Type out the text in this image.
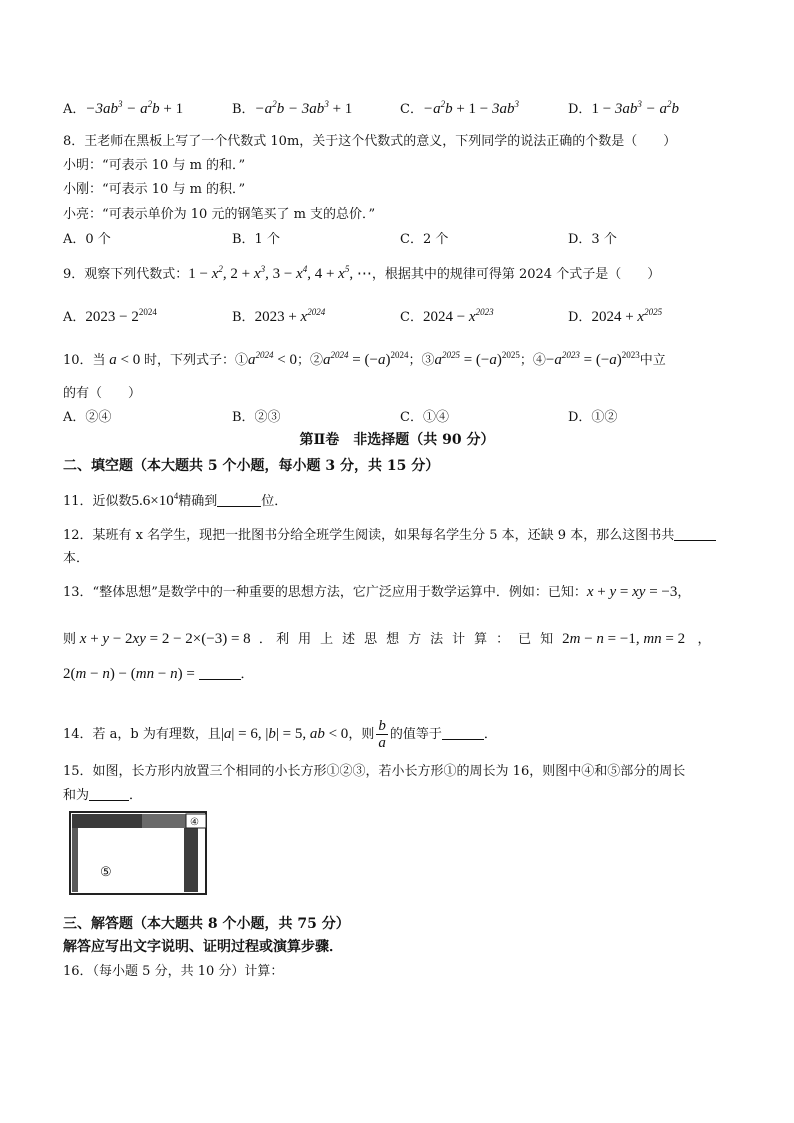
A．$-3ab^3 - a^2b + 1$	B．$-a^2b - 3ab^3 + 1$	C．$-a^2b + 1 - 3ab^3$	D．$1 - 3ab^3 - a^2b$
8．王老师在黑板上写了一个代数式 10m，关于这个代数式的意义，下列同学的说法正确的个数是（　　）
小明：“可表示 10 与 m 的和．”
小刚：“可表示 10 与 m 的积．”
小亮：“可表示单价为 10 元的钢笔买了 m 支的总价．”
A．0 个	B．1 个	C．2 个	D．3 个
9．观察下列代数式：$1 - x^2$, $2 + x^3$, $3 - x^4$, $4 + x^5$, ⋯，根据其中的规律可得第 2024 个式子是（　　）
A．$2023 - 2^{2024}$	B．$2023 + x^{2024}$	C．$2024 - x^{2023}$	D．$2024 + x^{2025}$
10．当 a < 0 时，下列式子：$①a^{2024} < 0$；$②a^{2024} = (-a)^{2024}$；$③a^{2025} = (-a)^{2025}$；$④-a^{2023} = (-a)^{2023}$中立
的有（　　）
A．②④	B．②③	C．①④	D．①②
第Ⅱ卷　非选择题（共 90 分）
二、填空题（本大题共 5 个小题，每小题 3 分，共 15 分）
11．近似数$5.6\times 10^4$精确到	位．
12．某班有 x 名学生，现把一批图书分给全班学生阅读，如果每名学生分 5 本，还缺 9 本，那么这图书共
本．
13．“整体思想”是数学中的一种重要的思想方法，它广泛应用于数学运算中．例如：已知：x + y = xy = −3，
则 x + y − 2xy = 2 − 2×(−3) = 8  ． 利用上述思想方法计算：已知2m − n = −1, mn = 2   ，
2(m − n) − (mn − n) =	．
14．若 a，b 为有理数，且|a| = 6, |b| = 5, ab < 0，则 $\frac{b}{a}$ 的值等于	．
15．如图，长方形内放置三个相同的小长方形①②③，若小长方形①的周长为 16，则图中④和⑤部分的周长
和为	．
②
④
⑤
三、解答题（本大题共 8 个小题，共 75 分）
解答应写出文字说明、证明过程或演算步骤．
16．（每小题 5 分，共 10 分）计算：
